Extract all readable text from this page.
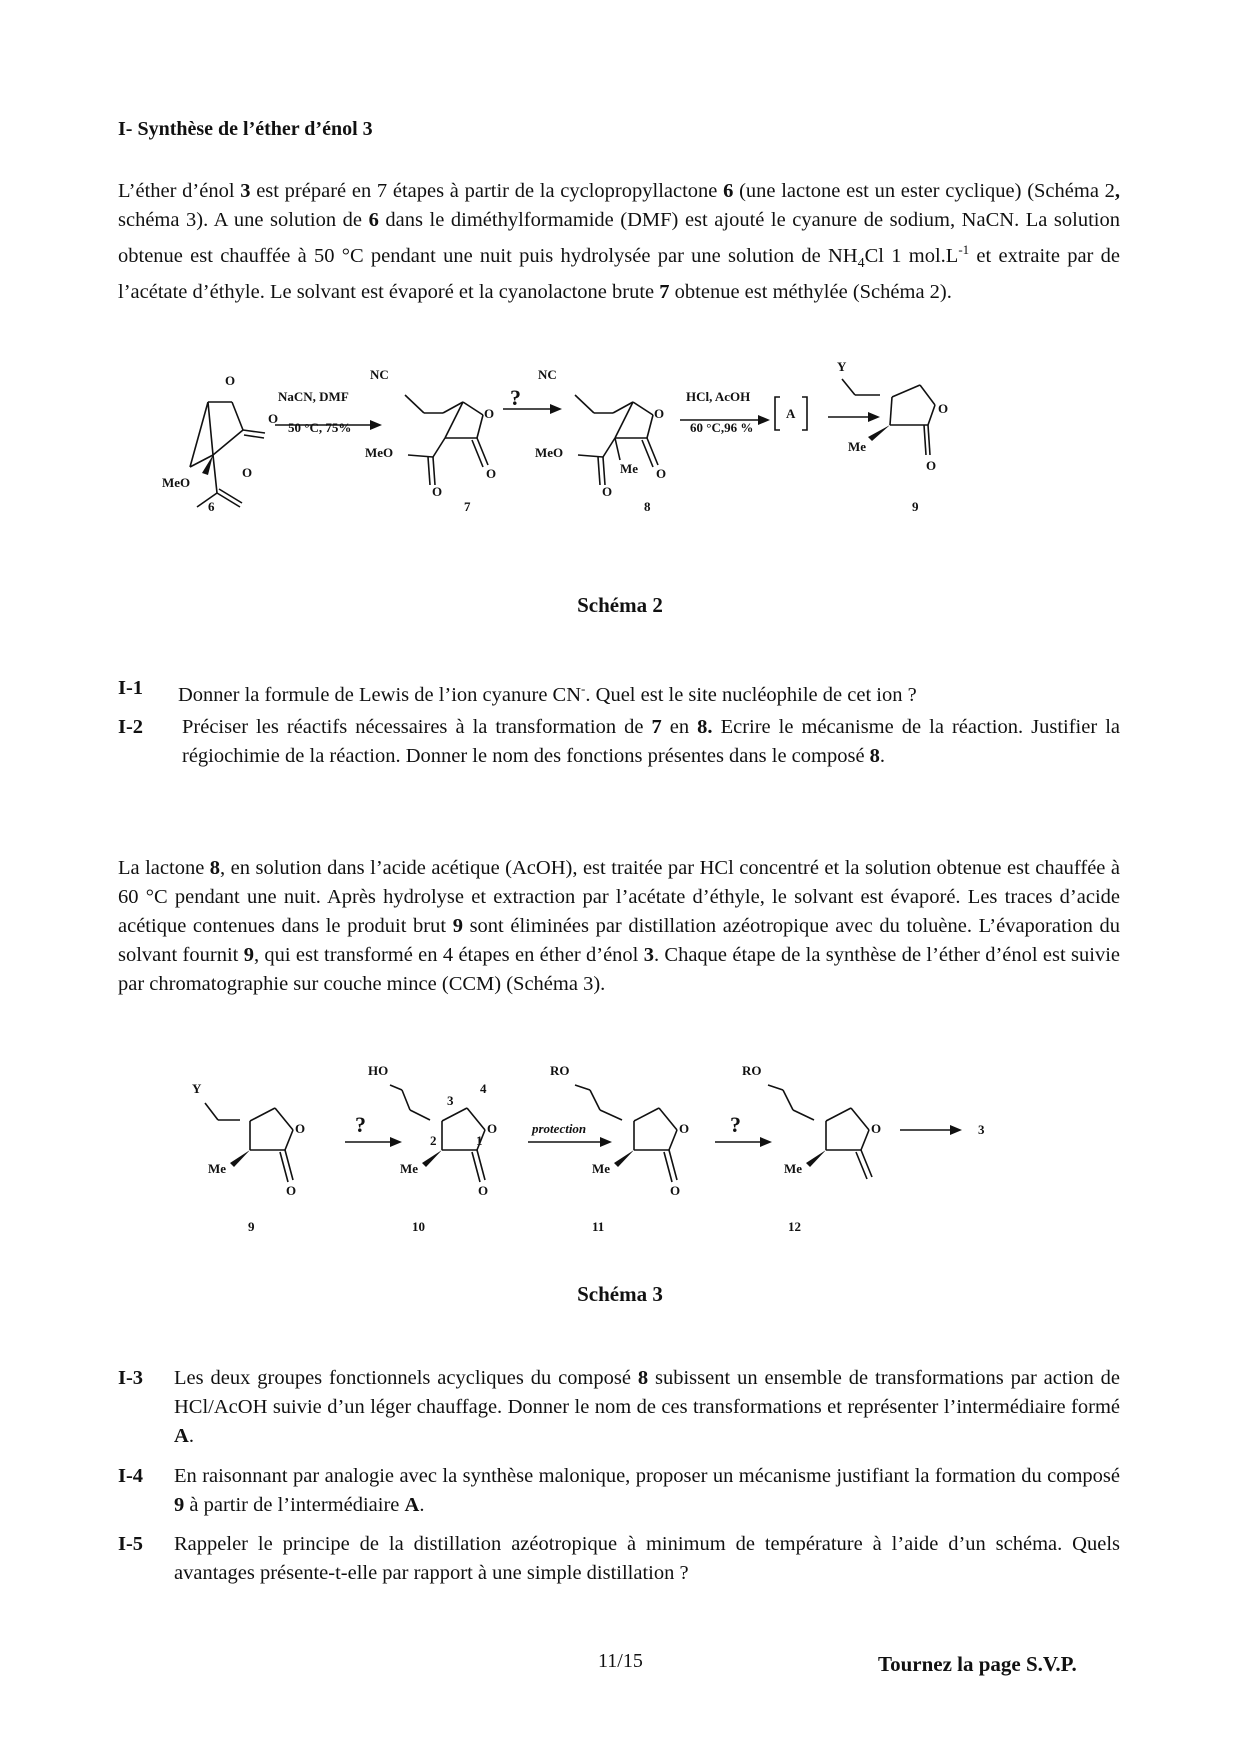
I- Synthèse de l’éther d’énol 3
L’éther d’énol 3 est préparé en 7 étapes à partir de la cyclopropyllactone 6 (une lactone est un ester cyclique) (Schéma 2, schéma 3). A une solution de 6 dans le diméthylformamide (DMF) est ajouté le cyanure de sodium, NaCN. La solution obtenue est chauffée à 50 °C pendant une nuit puis hydrolysée par une solution de $NH_4Cl$ 1 $mol.L^{-1}$ et extraite par de l’acétate d’éthyle. Le solvant est évaporé et la cyanolactone brute 7 obtenue est méthylée (Schéma 2).
O
O
O
MeO
NaCN, DMF
50 °C, 75%
NC
O
MeO
O
O
?
NC
O
MeO
Me O
O
HCl, AcOH
60 °C,96 %
A
Y
O
Me
O
6	7	8	9
Schéma 2
I-1 Donner la formule de Lewis de l’ion cyanure CN-. Quel est le site nucléophile de cet ion ?
I-2 Préciser les réactifs nécessaires à la transformation de 7 en 8. Ecrire le mécanisme de la réaction. Justifier la régiochimie de la réaction. Donner le nom des fonctions présentes dans le composé 8.
La lactone 8, en solution dans l’acide acétique (AcOH), est traitée par HCl concentré et la solution obtenue est chauffée à 60 °C pendant une nuit. Après hydrolyse et extraction par l’acétate d’éthyle, le solvant est évaporé. Les traces d’acide acétique contenues dans le produit brut 9 sont éliminées par distillation azéotropique avec du toluène. L’évaporation du solvant fournit 9, qui est transformé en 4 étapes en éther d’énol 3. Chaque étape de la synthèse de l’éther d’énol est suivie par chromatographie sur couche mince (CCM) (Schéma 3).
Y
O
Me
O
?
HO
3
4
O
2	1
Me
O
protection
RO
O
Me
O
?
RO
O
Me
3
9	10	11	12
Schéma 3
I-3 Les deux groupes fonctionnels acycliques du composé 8 subissent un ensemble de transformations par action de HCl/AcOH suivie d’un léger chauffage. Donner le nom de ces transformations et représenter l’intermédiaire formé A.
I-4 En raisonnant par analogie avec la synthèse malonique, proposer un mécanisme justifiant la formation du composé 9 à partir de l’intermédiaire A.
I-5 Rappeler le principe de la distillation azéotropique à minimum de température à l’aide d’un schéma. Quels avantages présente-t-elle par rapport à une simple distillation ?
11/15	Tournez la page S.V.P.
